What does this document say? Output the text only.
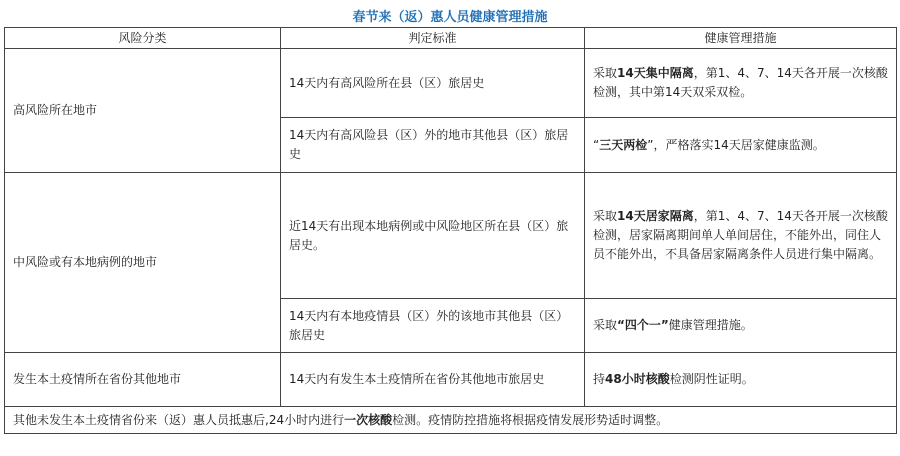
春节来（返）惠人员健康管理措施
风险分类	判定标准	健康管理措施
高风险所在地市	14天内有高风险所在县（区）旅居史	采取14天集中隔离，第1、4、7、14天各开展一次核酸检测，其中第14天双采双检。
	14天内有高风险县（区）外的地市其他县（区）旅居史	“三天两检”，严格落实14天居家健康监测。
中风险或有本地病例的地市	近14天有出现本地病例或中风险地区所在县（区）旅居史。	采取14天居家隔离，第1、4、7、14天各开展一次核酸检测，居家隔离期间单人单间居住，不能外出，同住人员不能外出，不具备居家隔离条件人员进行集中隔离。
	14天内有本地疫情县（区）外的该地市其他县（区）旅居史	采取“四个一”健康管理措施。
发生本土疫情所在省份其他地市	14天内有发生本土疫情所在省份其他地市旅居史	持48小时核酸检测阴性证明。
其他未发生本土疫情省份来（返）惠人员抵惠后,24小时内进行一次核酸检测。疫情防控措施将根据疫情发展形势适时调整。		
